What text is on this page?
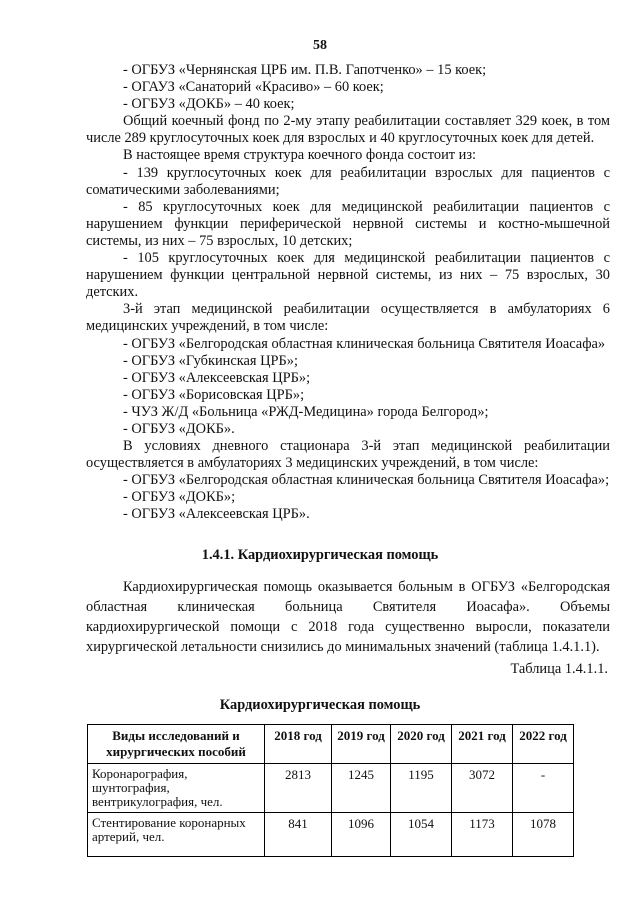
58

- ОГБУЗ «Чернянская ЦРБ им. П.В. Гапотченко» – 15 коек;

- ОГАУЗ «Санаторий «Красиво» – 60 коек;

- ОГБУЗ «ДОКБ» – 40 коек;

Общий коечный фонд по 2-му этапу реабилитации составляет 329 коек, в том числе 289 круглосуточных коек для взрослых и 40 круглосуточных коек для детей.

В настоящее время структура коечного фонда состоит из:

- 139 круглосуточных коек для реабилитации взрослых для пациентов с соматическими заболеваниями;

- 85 круглосуточных коек для медицинской реабилитации пациентов с нарушением функции периферической нервной системы и костно-мышечной системы, из них – 75 взрослых, 10 детских;

- 105 круглосуточных коек для медицинской реабилитации пациентов с нарушением функции центральной нервной системы, из них – 75 взрослых, 30 детских.

3-й этап медицинской реабилитации осуществляется в амбулаториях 6 медицинских учреждений, в том числе:

- ОГБУЗ «Белгородская областная клиническая больница Святителя Иоасафа»

- ОГБУЗ «Губкинская ЦРБ»;

- ОГБУЗ «Алексеевская ЦРБ»;

- ОГБУЗ «Борисовская ЦРБ»;

- ЧУЗ Ж/Д «Больница «РЖД-Медицина» города Белгород»;

- ОГБУЗ «ДОКБ».

В условиях дневного стационара 3-й этап медицинской реабилитации осуществляется в амбулаториях 3 медицинских учреждений, в том числе:

- ОГБУЗ «Белгородская областная клиническая больница Святителя Иоасафа»;

- ОГБУЗ «ДОКБ»;

- ОГБУЗ «Алексеевская ЦРБ».

1.4.1. Кардиохирургическая помощь

Кардиохирургическая помощь оказывается больным в ОГБУЗ «Белгородская областная клиническая больница Святителя Иоасафа». Объемы кардиохирургической помощи с 2018 года существенно выросли, показатели хирургической летальности снизились до минимальных значений (таблица 1.4.1.1).

Таблица 1.4.1.1.
Кардиохирургическая помощь
Виды исследований и хирургических пособий	2018 год	2019 год	2020 год	2021 год	2022 год
Коронарография, шунтография, вентрикулография, чел.	2813	1245	1195	3072	-
Стентирование коронарных артерий, чел.	841	1096	1054	1173	1078
